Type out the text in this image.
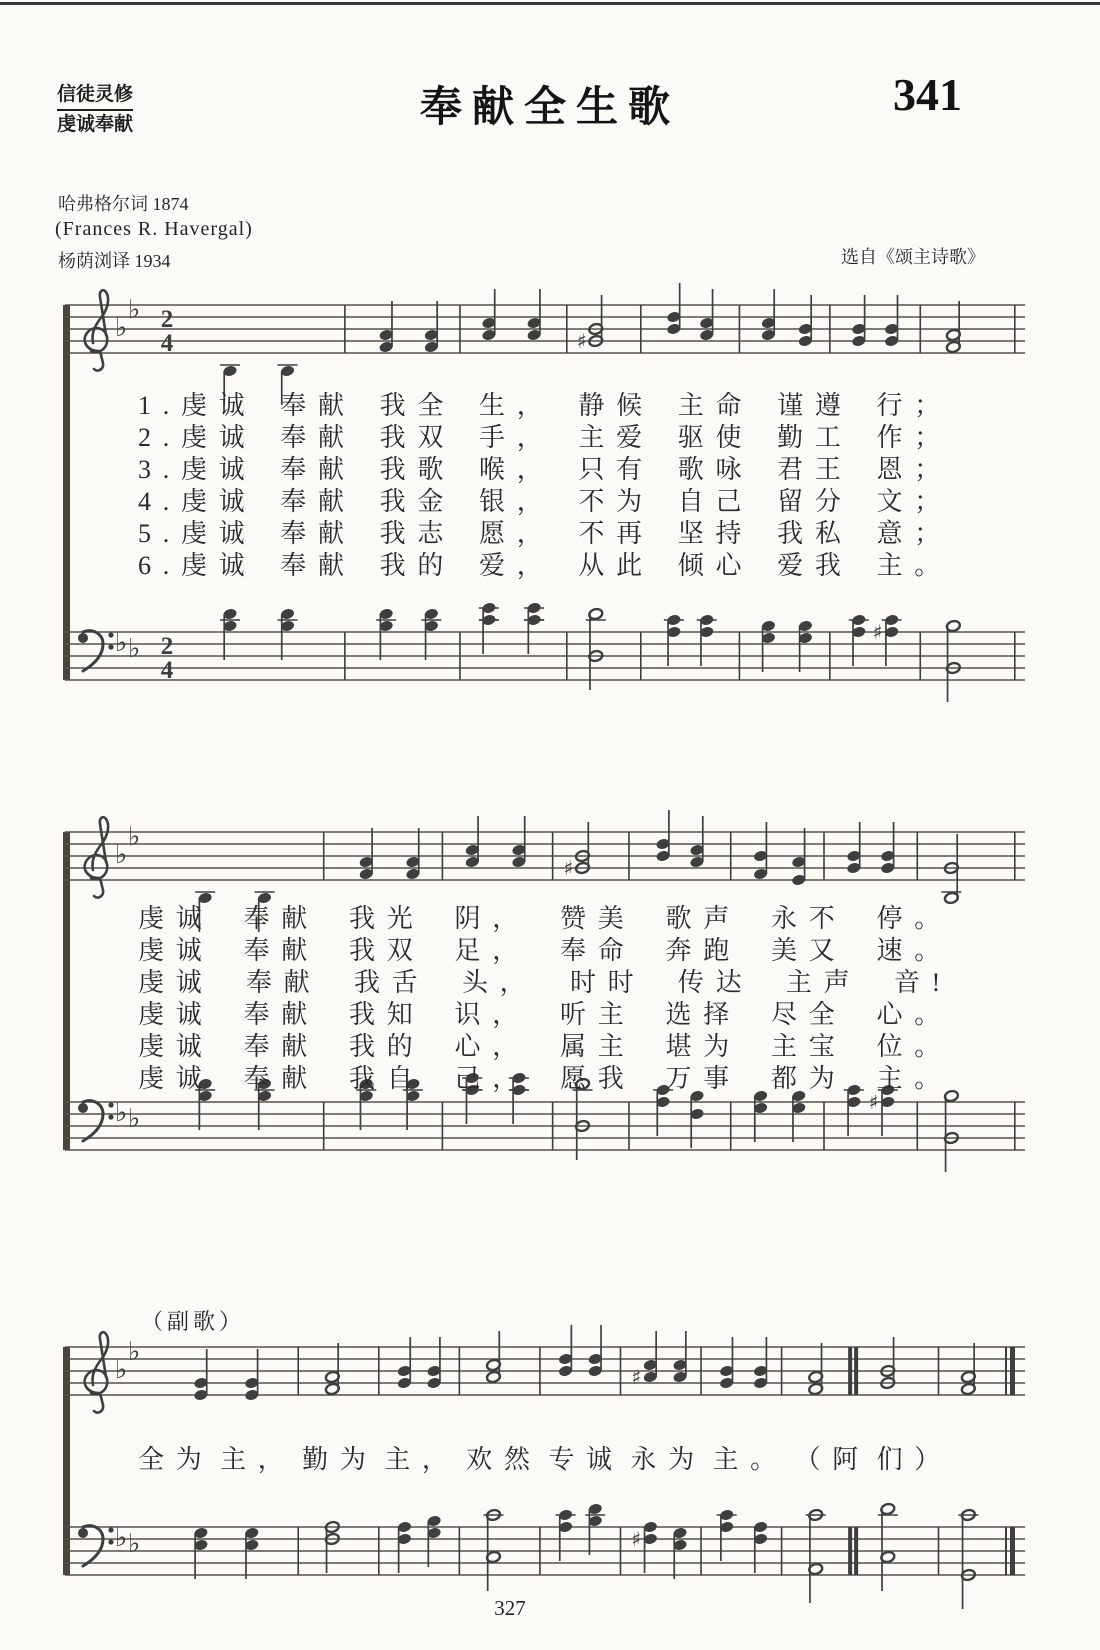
信徒灵修
虔诚奉献	奉献全生歌	341
哈弗格尔词 1874
(Frances R. Havergal)
杨荫浏译 1934	选自《颂主诗歌》
（副歌）
327
♭
♭ 2
4	♯
♭ ♭ 2
4
♯
♭
♭
♯
♭ ♭
♯
♭
♭
♯
♭ ♭	♯
1.虔诚 奉献 我全 生， 静候 主命 谨遵 行；
2.虔诚 奉献 我双 手， 主爱 驱使 勤工 作；
3.虔诚 奉献 我歌 喉， 只有 歌咏 君王 恩；
4.虔诚 奉献 我金 银， 不为 自己 留分 文；
5.虔诚 奉献 我志 愿， 不再 坚持 我私 意；
6.虔诚 奉献 我的 爱， 从此 倾心 爱我 主。
虔诚 奉献 我光 阴， 赞美 歌声 永不 停。
虔诚 奉献 我双 足， 奉命 奔跑 美又 速。
虔诚 奉献 我舌 头， 时时 传达 主声 音!
虔诚 奉献 我知 识， 听主 选择 尽全 心。
虔诚 奉献 我的 心， 属主 堪为 主宝 位。
虔诚 奉献 我自 己， 愿我 万事 都为 主。
全为 主， 勤为 主， 欢然 专诚 永为 主。 （阿 们）
